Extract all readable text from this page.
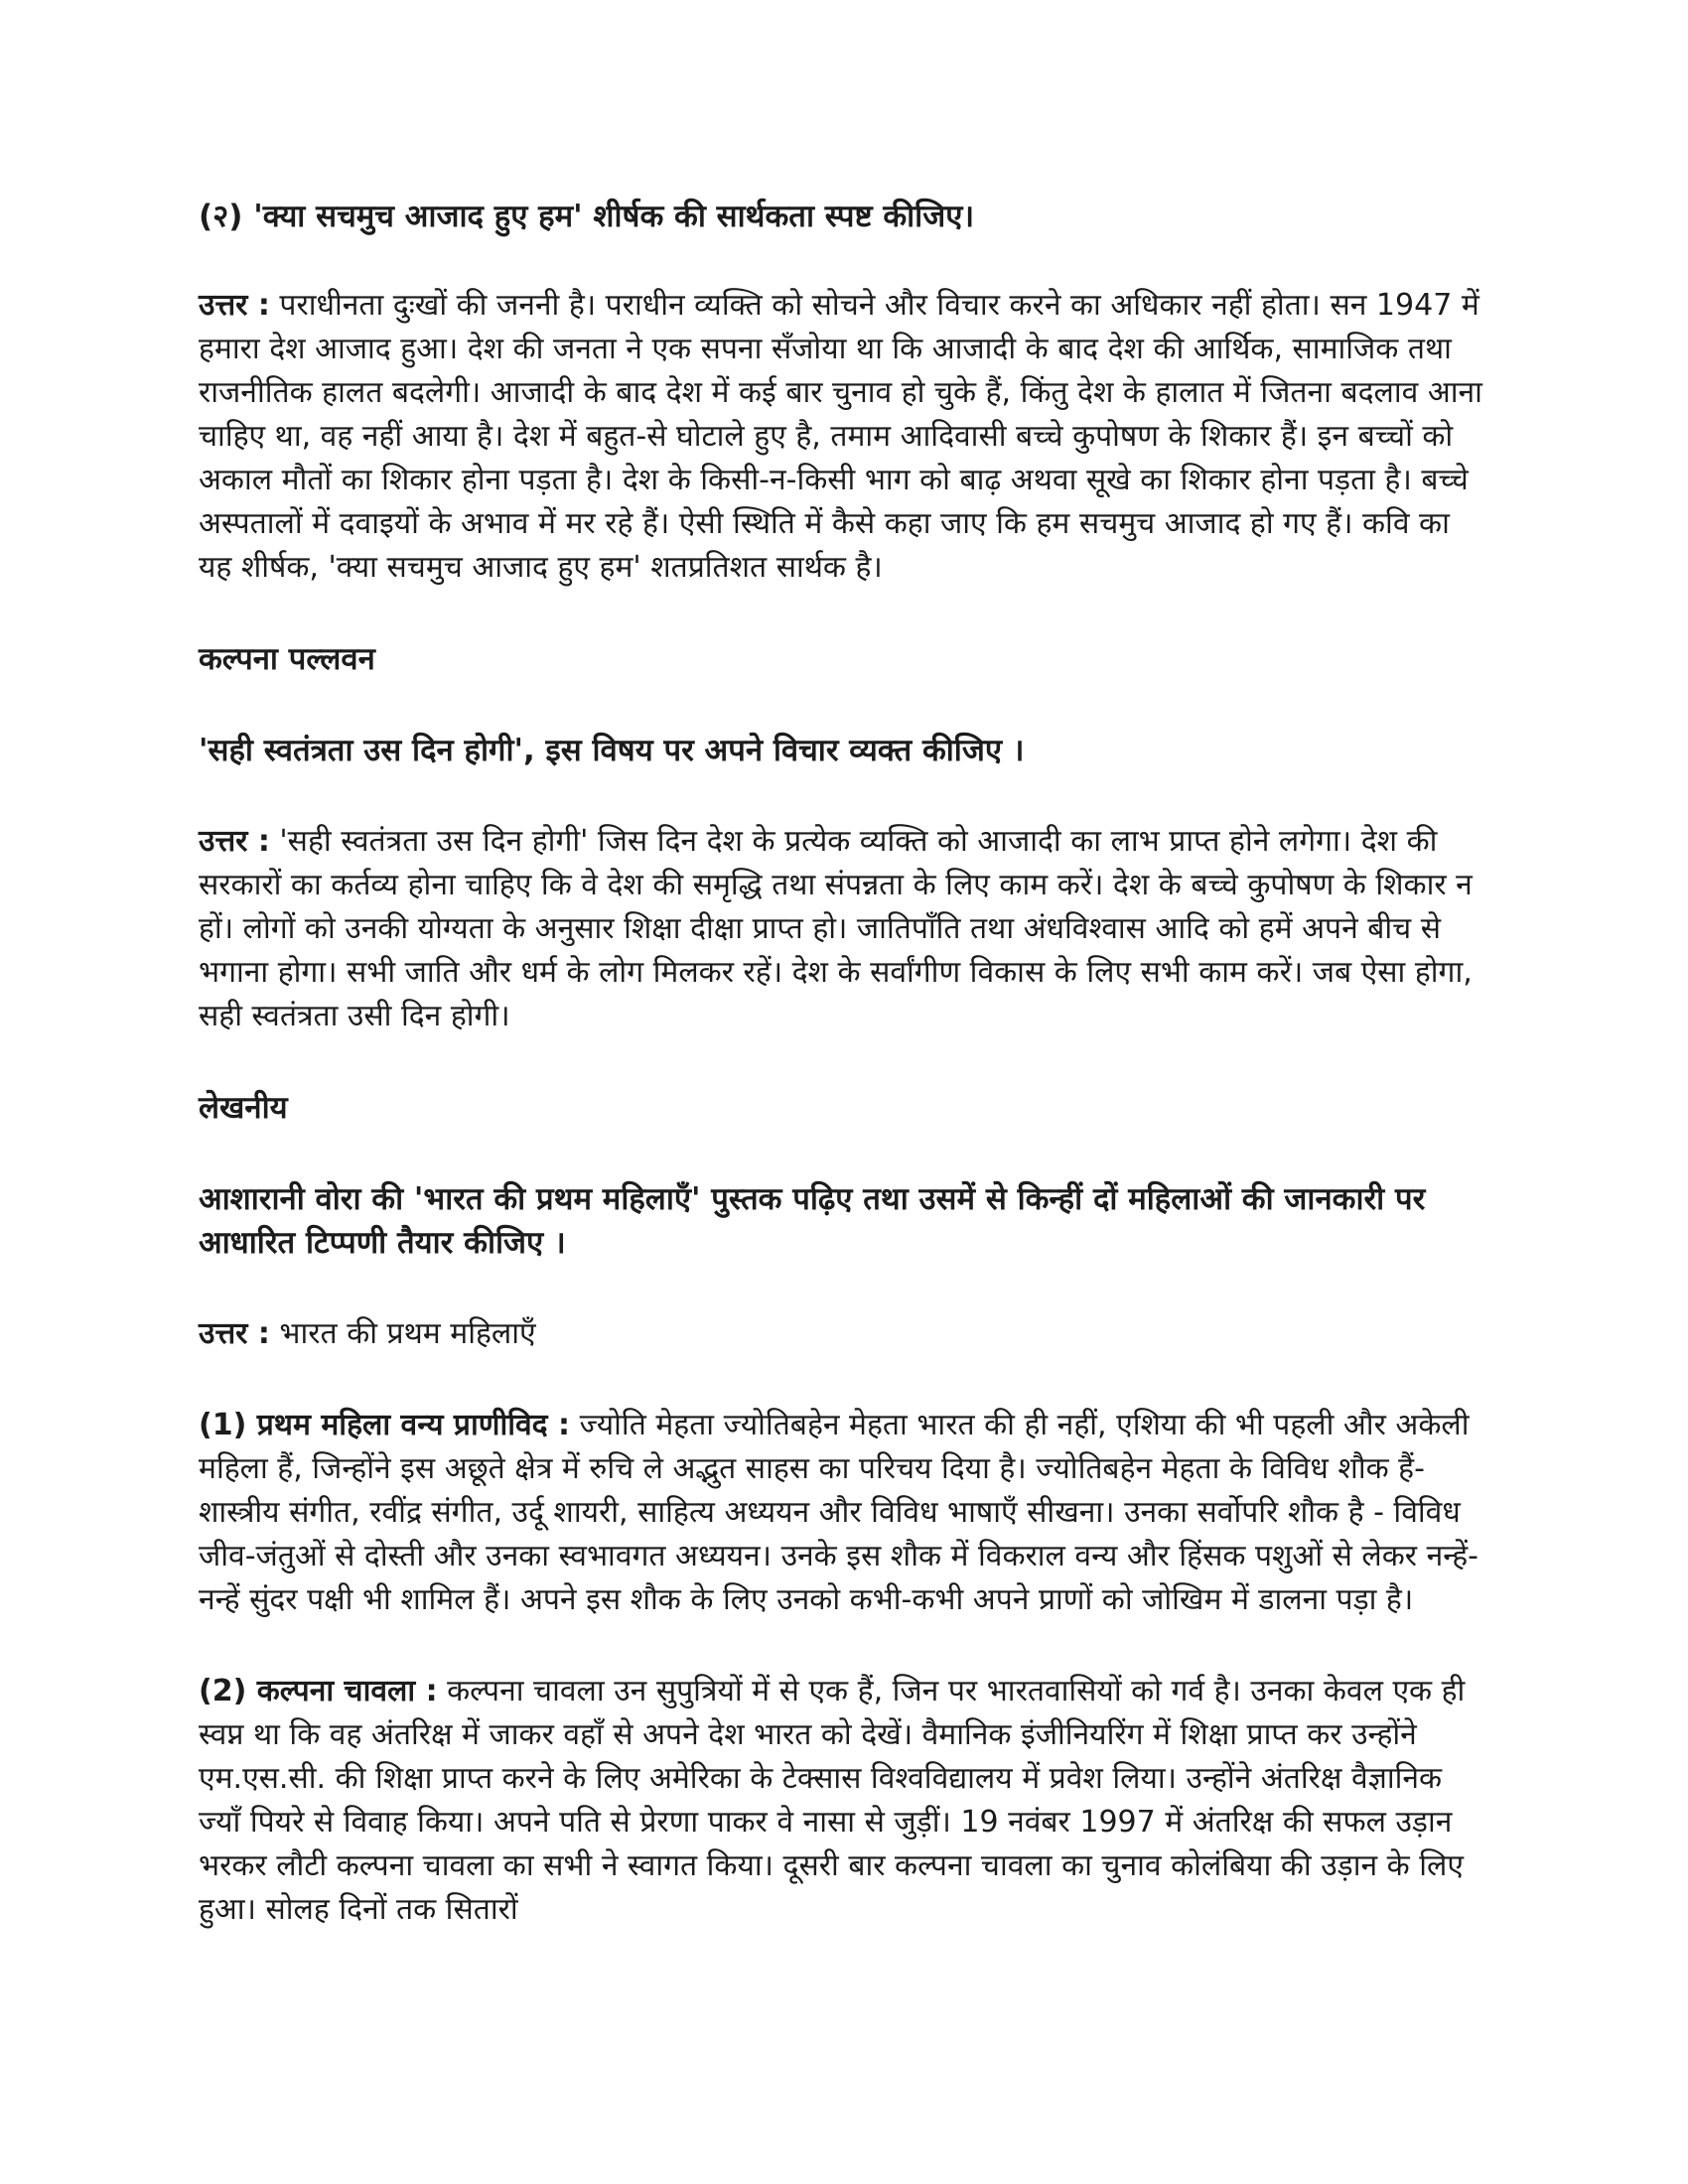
(२) 'क्या सचमुच आजाद हुए हम' शीर्षक की सार्थकता स्पष्ट कीजिए।

उत्तर : पराधीनता दुःखों की जननी है। पराधीन व्यक्ति को सोचने और विचार करने का अधिकार नहीं होता। सन 1947 में हमारा देश आजाद हुआ। देश की जनता ने एक सपना सँजोया था कि आजादी के बाद देश की आर्थिक, सामाजिक तथा राजनीतिक हालत बदलेगी। आजादी के बाद देश में कई बार चुनाव हो चुके हैं, किंतु देश के हालात में जितना बदलाव आना चाहिए था, वह नहीं आया है। देश में बहुत-से घोटाले हुए है, तमाम आदिवासी बच्चे कुपोषण के शिकार हैं। इन बच्चों को अकाल मौतों का शिकार होना पड़ता है। देश के किसी-न-किसी भाग को बाढ़ अथवा सूखे का शिकार होना पड़ता है। बच्चे अस्पतालों में दवाइयों के अभाव में मर रहे हैं। ऐसी स्थिति में कैसे कहा जाए कि हम सचमुच आजाद हो गए हैं। कवि का यह शीर्षक, 'क्या सचमुच आजाद हुए हम' शतप्रतिशत सार्थक है।

कल्पना पल्लवन

'सही स्वतंत्रता उस दिन होगी', इस विषय पर अपने विचार व्यक्त कीजिए ।

उत्तर : 'सही स्वतंत्रता उस दिन होगी' जिस दिन देश के प्रत्येक व्यक्ति को आजादी का लाभ प्राप्त होने लगेगा। देश की सरकारों का कर्तव्य होना चाहिए कि वे देश की समृद्धि तथा संपन्नता के लिए काम करें। देश के बच्चे कुपोषण के शिकार न हों। लोगों को उनकी योग्यता के अनुसार शिक्षा दीक्षा प्राप्त हो। जातिपाँति तथा अंधविश्वास आदि को हमें अपने बीच से भगाना होगा। सभी जाति और धर्म के लोग मिलकर रहें। देश के सर्वांगीण विकास के लिए सभी काम करें। जब ऐसा होगा, सही स्वतंत्रता उसी दिन होगी।

लेखनीय

आशारानी वोरा की 'भारत की प्रथम महिलाएँ' पुस्तक पढ़िए तथा उसमें से किन्हीं दों महिलाओं की जानकारी पर आधारित टिप्पणी तैयार कीजिए ।

उत्तर : भारत की प्रथम महिलाएँ

(1) प्रथम महिला वन्य प्राणीविद : ज्योति मेहता ज्योतिबहेन मेहता भारत की ही नहीं, एशिया की भी पहली और अकेली महिला हैं, जिन्होंने इस अछूते क्षेत्र में रुचि ले अद्भुत साहस का परिचय दिया है। ज्योतिबहेन मेहता के विविध शौक हैं- शास्त्रीय संगीत, रवींद्र संगीत, उर्दू शायरी, साहित्य अध्ययन और विविध भाषाएँ सीखना। उनका सर्वोपरि शौक है - विविध जीव-जंतुओं से दोस्ती और उनका स्वभावगत अध्ययन। उनके इस शौक में विकराल वन्य और हिंसक पशुओं से लेकर नन्हें-नन्हें सुंदर पक्षी भी शामिल हैं। अपने इस शौक के लिए उनको कभी-कभी अपने प्राणों को जोखिम में डालना पड़ा है।

(2) कल्पना चावला : कल्पना चावला उन सुपुत्रियों में से एक हैं, जिन पर भारतवासियों को गर्व है। उनका केवल एक ही स्वप्न था कि वह अंतरिक्ष में जाकर वहाँ से अपने देश भारत को देखें। वैमानिक इंजीनियरिंग में शिक्षा प्राप्त कर उन्होंने एम.एस.सी. की शिक्षा प्राप्त करने के लिए अमेरिका के टेक्सास विश्वविद्यालय में प्रवेश लिया। उन्होंने अंतरिक्ष वैज्ञानिक ज्याँ पियरे से विवाह किया। अपने पति से प्रेरणा पाकर वे नासा से जुड़ीं। 19 नवंबर 1997 में अंतरिक्ष की सफल उड़ान भरकर लौटी कल्पना चावला का सभी ने स्वागत किया। दूसरी बार कल्पना चावला का चुनाव कोलंबिया की उड़ान के लिए हुआ। सोलह दिनों तक सितारों
